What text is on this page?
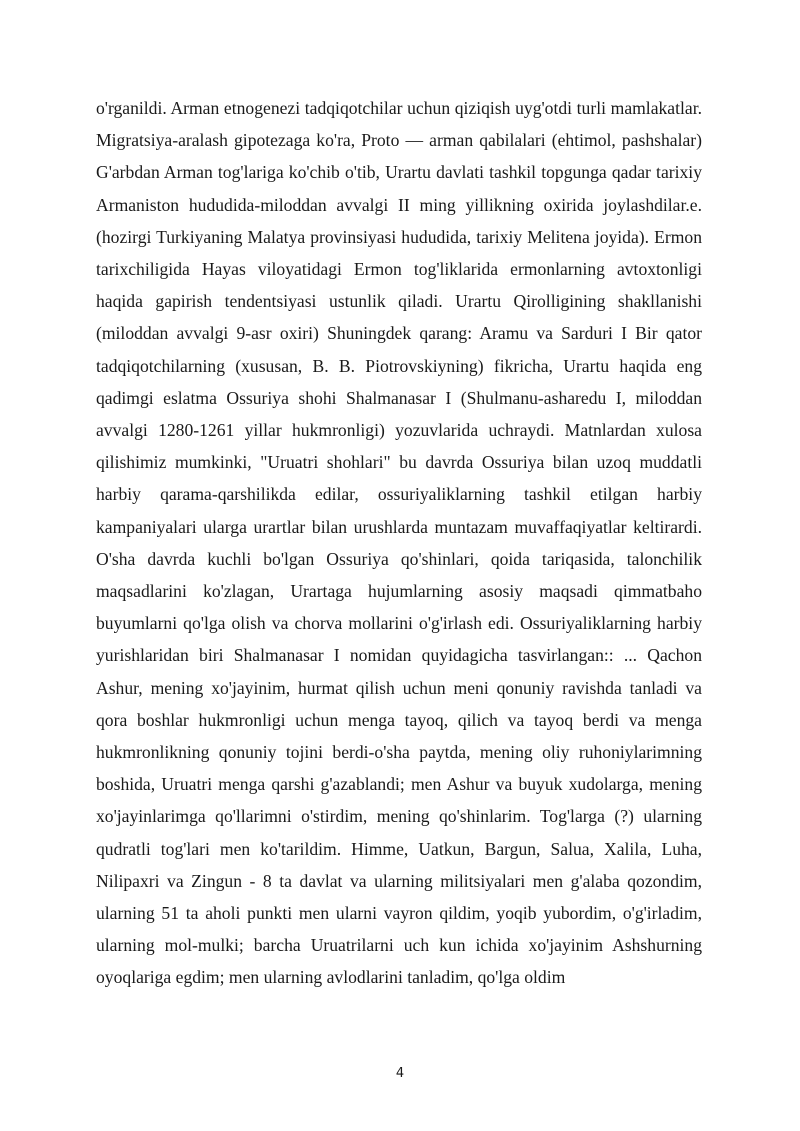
o'rganildi. Arman etnogenezi tadqiqotchilar uchun qiziqish uyg'otdi turli mamlakatlar. Migratsiya-aralash gipotezaga ko'ra, Proto — arman qabilalari (ehtimol, pashshalar) G'arbdan Arman tog'lariga ko'chib o'tib, Urartu davlati tashkil topgunga qadar tarixiy Armaniston hududida-miloddan avvalgi II ming yillikning oxirida joylashdilar.e. (hozirgi Turkiyaning Malatya provinsiyasi hududida, tarixiy Melitena joyida). Ermon tarixchiligida Hayas viloyatidagi Ermon tog'liklarida ermonlarning avtoxtonligi haqida gapirish tendentsiyasi ustunlik qiladi. Urartu Qirolligining shakllanishi (miloddan avvalgi 9-asr oxiri) Shuningdek qarang: Aramu va Sarduri I Bir qator tadqiqotchilarning (xususan, B. B. Piotrovskiyning) fikricha, Urartu haqida eng qadimgi eslatma Ossuriya shohi Shalmanasar I (Shulmanu-asharedu I, miloddan avvalgi 1280-1261 yillar hukmronligi) yozuvlarida uchraydi. Matnlardan xulosa qilishimiz mumkinki, "Uruatri shohlari" bu davrda Ossuriya bilan uzoq muddatli harbiy qarama-qarshilikda edilar, ossuriyaliklarning tashkil etilgan harbiy kampaniyalari ularga urartlar bilan urushlarda muntazam muvaffaqiyatlar keltirardi. O'sha davrda kuchli bo'lgan Ossuriya qo'shinlari, qoida tariqasida, talonchilik maqsadlarini ko'zlagan, Urartaga hujumlarning asosiy maqsadi qimmatbaho buyumlarni qo'lga olish va chorva mollarini o'g'irlash edi. Ossuriyaliklarning harbiy yurishlaridan biri Shalmanasar I nomidan quyidagicha tasvirlangan:: ... Qachon Ashur, mening xo'jayinim, hurmat qilish uchun meni qonuniy ravishda tanladi va qora boshlar hukmronligi uchun menga tayoq, qilich va tayoq berdi va menga hukmronlikning qonuniy tojini berdi-o'sha paytda, mening oliy ruhoniylarimning boshida, Uruatri menga qarshi g'azablandi; men Ashur va buyuk xudolarga, mening xo'jayinlarimga qo'llarimni o'stirdim, mening qo'shinlarim. Tog'larga (?) ularning qudratli tog'lari men ko'tarildim. Himme, Uatkun, Bargun, Salua, Xalila, Luha, Nilipaxri va Zingun - 8 ta davlat va ularning militsiyalari men g'alaba qozondim, ularning 51 ta aholi punkti men ularni vayron qildim, yoqib yubordim, o'g'irladim, ularning mol-mulki; barcha Uruatrilarni uch kun ichida xo'jayinim Ashshurning oyoqlariga egdim; men ularning avlodlarini tanladim, qo'lga oldim

4
